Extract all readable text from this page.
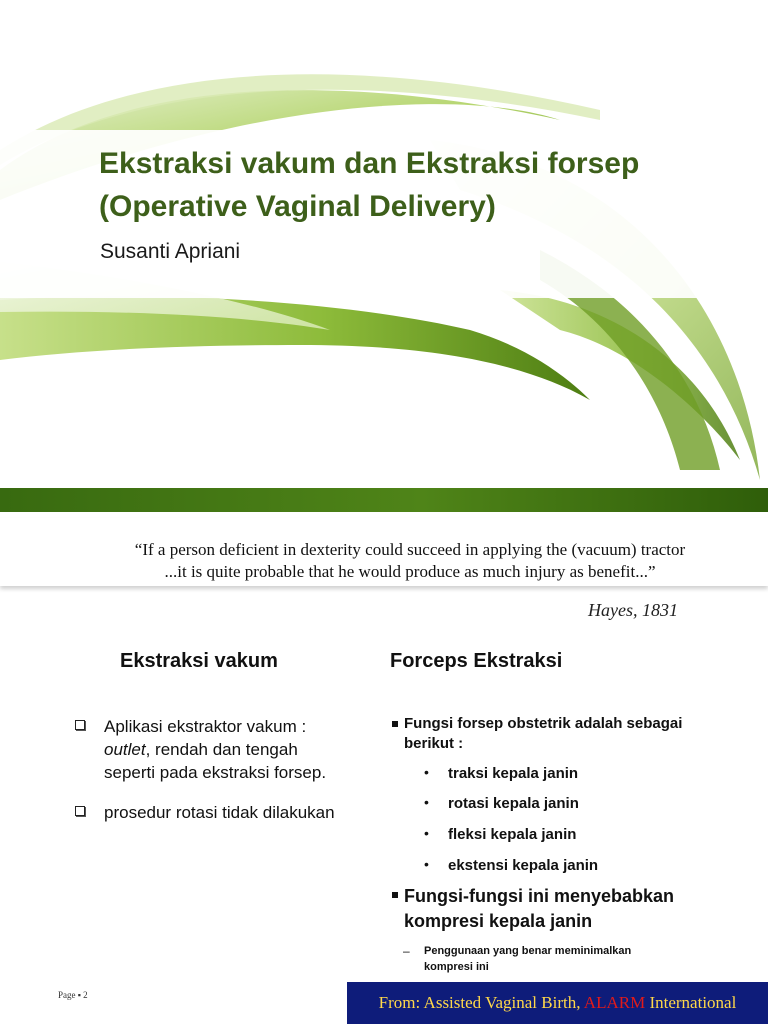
Ekstraksi vakum dan Ekstraksi forsep
(Operative Vaginal Delivery)
Susanti Apriani
“If a person deficient in dexterity could succeed in applying the (vacuum) tractor
...it is quite probable that he would produce as much injury as benefit...”
Hayes, 1831
Ekstraksi vakum	Forceps Ekstraksi
Aplikasi ekstraktor vakum :
outlet, rendah dan tengah
seperti pada ekstraksi forsep.
prosedur rotasi tidak dilakukan
Fungsi forsep obstetrik adalah sebagai
berikut :
• traksi kepala janin
• rotasi kepala janin
• fleksi kepala janin
• ekstensi kepala janin
Fungsi-fungsi ini menyebabkan
kompresi kepala janin
– Penggunaan yang benar meminimalkan
kompresi ini
Page ▪ 2	From: Assisted Vaginal Birth, ALARM International
